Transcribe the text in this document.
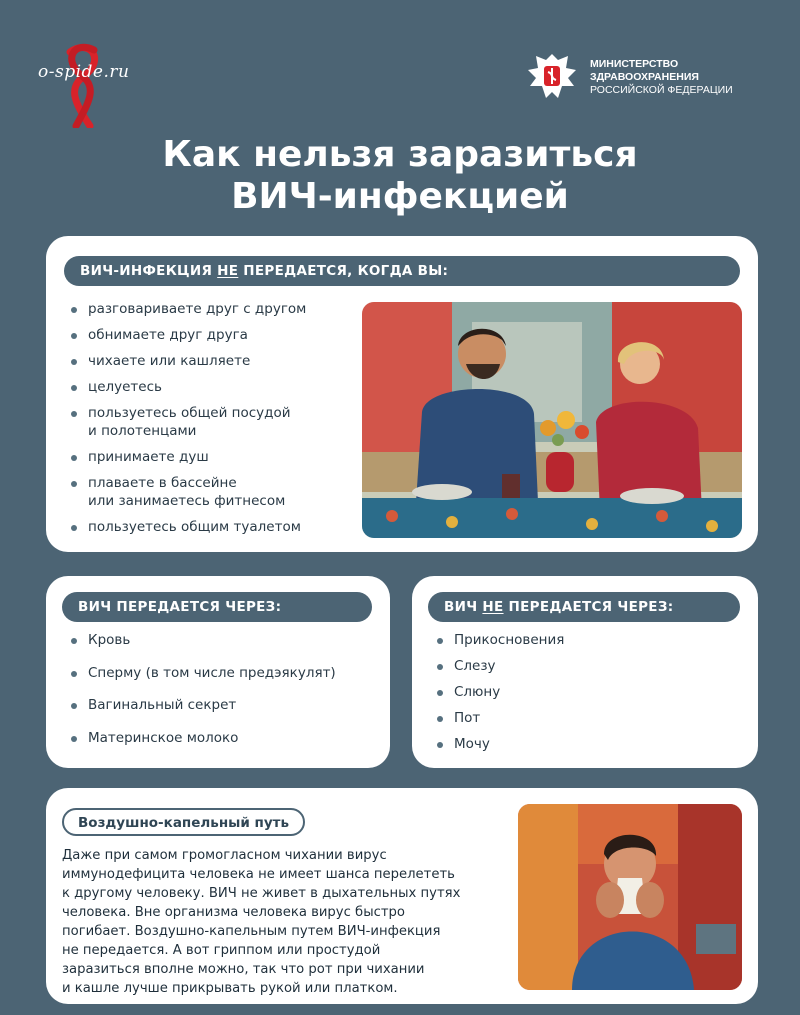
o-spide.ru	МИНИСТЕРСТВО
ЗДРАВООХРАНЕНИЯ
РОССИЙСКОЙ ФЕДЕРАЦИИ
Как нельзя заразиться
ВИЧ-инфекцией
ВИЧ-ИНФЕКЦИЯ НЕ ПЕРЕДАЕТСЯ, КОГДА ВЫ:
разговариваете друг с другом
обнимаете друг друга
чихаете или кашляете
целуетесь
пользуетесь общей посудой
и полотенцами
принимаете душ
плаваете в бассейне
или занимаетесь фитнесом
пользуетесь общим туалетом
ВИЧ ПЕРЕДАЕТСЯ ЧЕРЕЗ:
Кровь
Сперму (в том числе предэякулят)
Вагинальный секрет
Материнское молоко
ВИЧ НЕ ПЕРЕДАЕТСЯ ЧЕРЕЗ:
Прикосновения
Слезу
Слюну
Пот
Мочу
Воздушно-капельный путь
Даже при самом громогласном чихании вирус
иммунодефицита человека не имеет шанса перелететь
к другому человеку. ВИЧ не живет в дыхательных путях
человека. Вне организма человека вирус быстро
погибает. Воздушно-капельным путем ВИЧ-инфекция
не передается. А вот гриппом или простудой
заразиться вполне можно, так что рот при чихании
и кашле лучше прикрывать рукой или платком.
